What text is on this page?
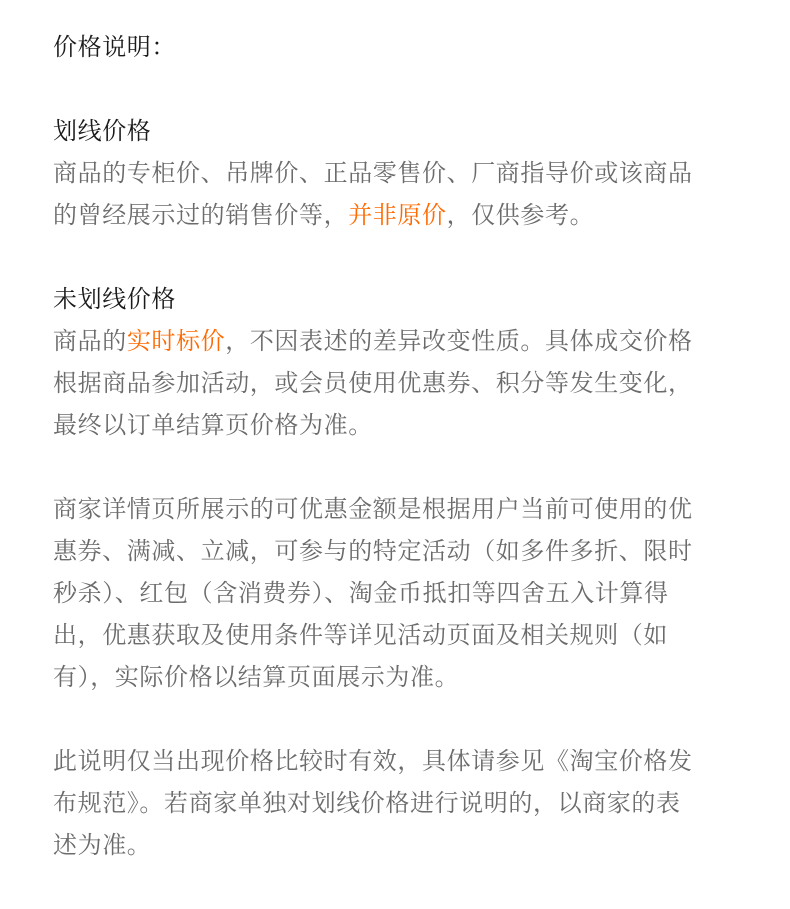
价格说明：
划线价格
商品的专柜价、吊牌价、正品零售价、厂商指导价或该商品
的曾经展示过的销售价等，并非原价，仅供参考。
未划线价格
商品的实时标价，不因表述的差异改变性质。具体成交价格
根据商品参加活动，或会员使用优惠券、积分等发生变化，
最终以订单结算页价格为准。
商家详情页所展示的可优惠金额是根据用户当前可使用的优
惠券、满减、立减，可参与的特定活动（如多件多折、限时
秒杀）、红包（含消费券）、淘金币抵扣等四舍五入计算得
出，优惠获取及使用条件等详见活动页面及相关规则（如
有），实际价格以结算页面展示为准。
此说明仅当出现价格比较时有效，具体请参见《淘宝价格发
布规范》。若商家单独对划线价格进行说明的，以商家的表
述为准。
